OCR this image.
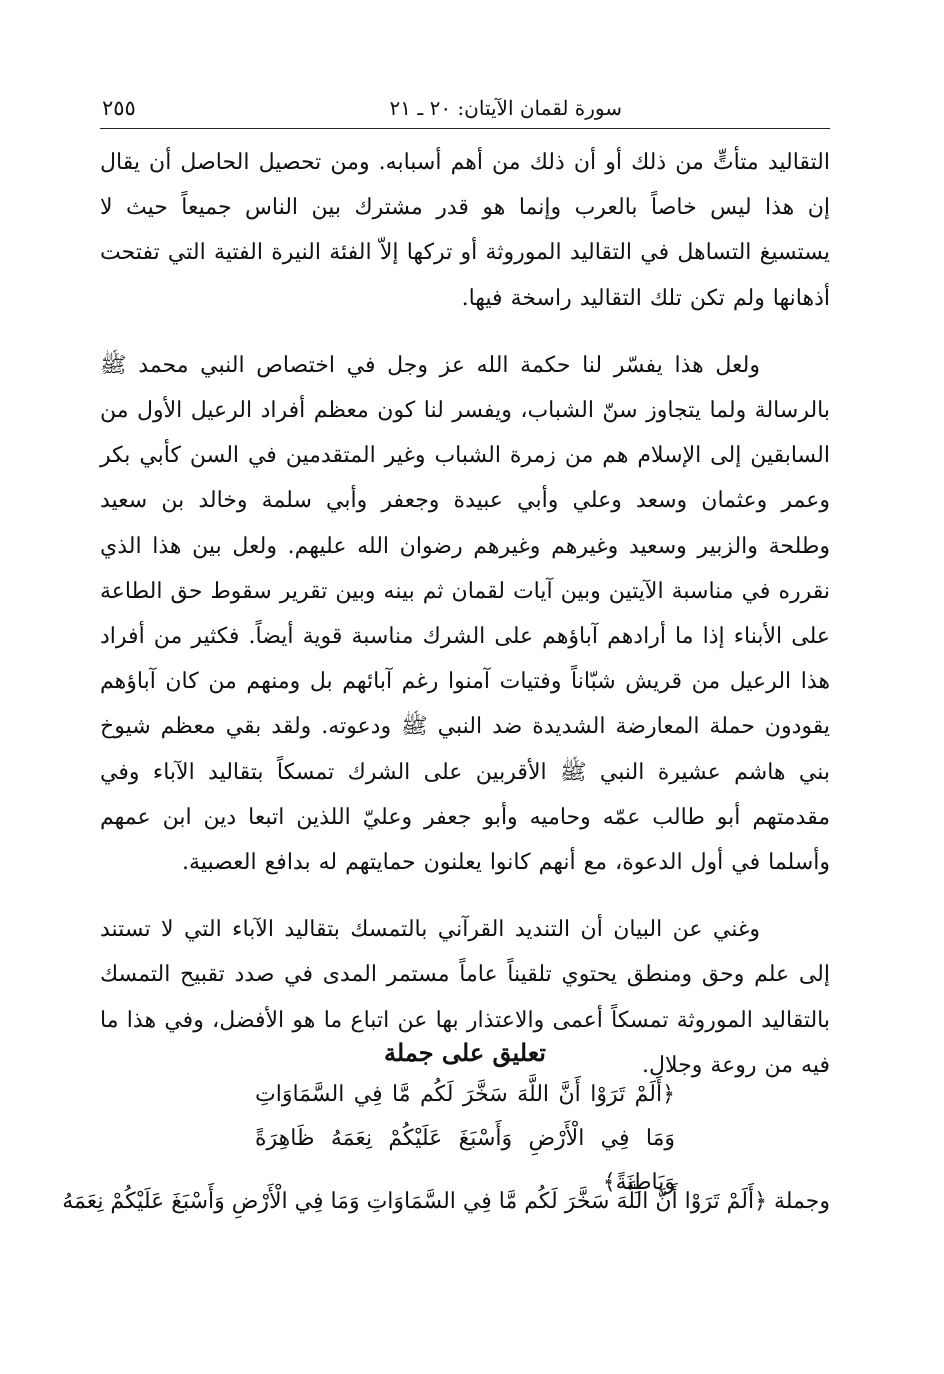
سورة لقمان الآيتان: ٢٠ ـ ٢١
٢٥٥

التقاليد متأتٍّ من ذلك أو أن ذلك من أهم أسبابه. ومن تحصيل الحاصل أن يقال إن هذا ليس خاصاً بالعرب وإنما هو قدر مشترك بين الناس جميعاً حيث لا يستسيغ التساهل في التقاليد الموروثة أو تركها إلاّ الفئة النيرة الفتية التي تفتحت أذهانها ولم تكن تلك التقاليد راسخة فيها.

ولعل هذا يفسّر لنا حكمة الله عز وجل في اختصاص النبي محمد ﷺ بالرسالة ولما يتجاوز سنّ الشباب، ويفسر لنا كون معظم أفراد الرعيل الأول من السابقين إلى الإسلام هم من زمرة الشباب وغير المتقدمين في السن كأبي بكر وعمر وعثمان وسعد وعلي وأبي عبيدة وجعفر وأبي سلمة وخالد بن سعيد وطلحة والزبير وسعيد وغيرهم وغيرهم رضوان الله عليهم. ولعل بين هذا الذي نقرره في مناسبة الآيتين وبين آيات لقمان ثم بينه وبين تقرير سقوط حق الطاعة على الأبناء إذا ما أرادهم آباؤهم على الشرك مناسبة قوية أيضاً. فكثير من أفراد هذا الرعيل من قريش شبّاناً وفتيات آمنوا رغم آبائهم بل ومنهم من كان آباؤهم يقودون حملة المعارضة الشديدة ضد النبي ﷺ ودعوته. ولقد بقي معظم شيوخ بني هاشم عشيرة النبي ﷺ الأقربين على الشرك تمسكاً بتقاليد الآباء وفي مقدمتهم أبو طالب عمّه وحاميه وأبو جعفر وعليّ اللذين اتبعا دين ابن عمهم وأسلما في أول الدعوة، مع أنهم كانوا يعلنون حمايتهم له بدافع العصبية.

وغني عن البيان أن التنديد القرآني بالتمسك بتقاليد الآباء التي لا تستند إلى علم وحق ومنطق يحتوي تلقيناً عاماً مستمر المدى في صدد تقبيح التمسك بالتقاليد الموروثة تمسكاً أعمى والاعتذار بها عن اتباع ما هو الأفضل، وفي هذا ما فيه من روعة وجلال.

تعليق على جملة
﴿أَلَمْ تَرَوْا أَنَّ اللَّهَ سَخَّرَ لَكُم مَّا فِي السَّمَاوَاتِ وَمَا فِي الْأَرْضِ وَأَسْبَغَ عَلَيْكُمْ نِعَمَهُ ظَاهِرَةً وَبَاطِنَةً﴾
وجملة ﴿أَلَمْ تَرَوْا أَنَّ اللَّهَ سَخَّرَ لَكُم مَّا فِي السَّمَاوَاتِ وَمَا فِي الْأَرْضِ وَأَسْبَغَ عَلَيْكُمْ نِعَمَهُ
